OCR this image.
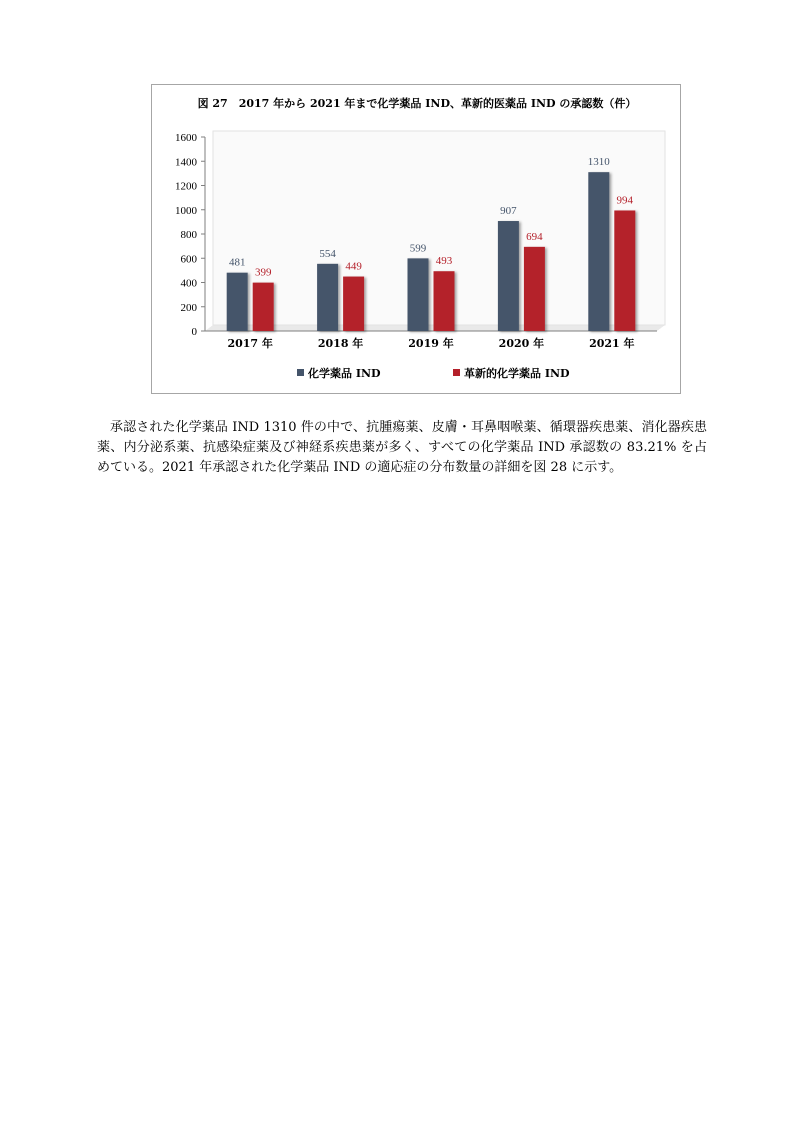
図 27　2017 年から 2021 年まで化学薬品 IND、革新的医薬品 IND の承認数（件）
0
200
400
600
800
1000
1200
1400
1600
481
399
2017 年
554
449
2018 年
599
493
2019 年
907
694
2020 年
1310
994
2021 年
化学薬品 IND	革新的化学薬品 IND

承認された化学薬品 IND 1310 件の中で、抗腫瘍薬、皮膚・耳鼻咽喉薬、循環器疾患薬、消化器疾患薬、内分泌系薬、抗感染症薬及び神経系疾患薬が多く、すべての化学薬品 IND 承認数の 83.21% を占めている。2021 年承認された化学薬品 IND の適応症の分布数量の詳細を図 28 に示す。
